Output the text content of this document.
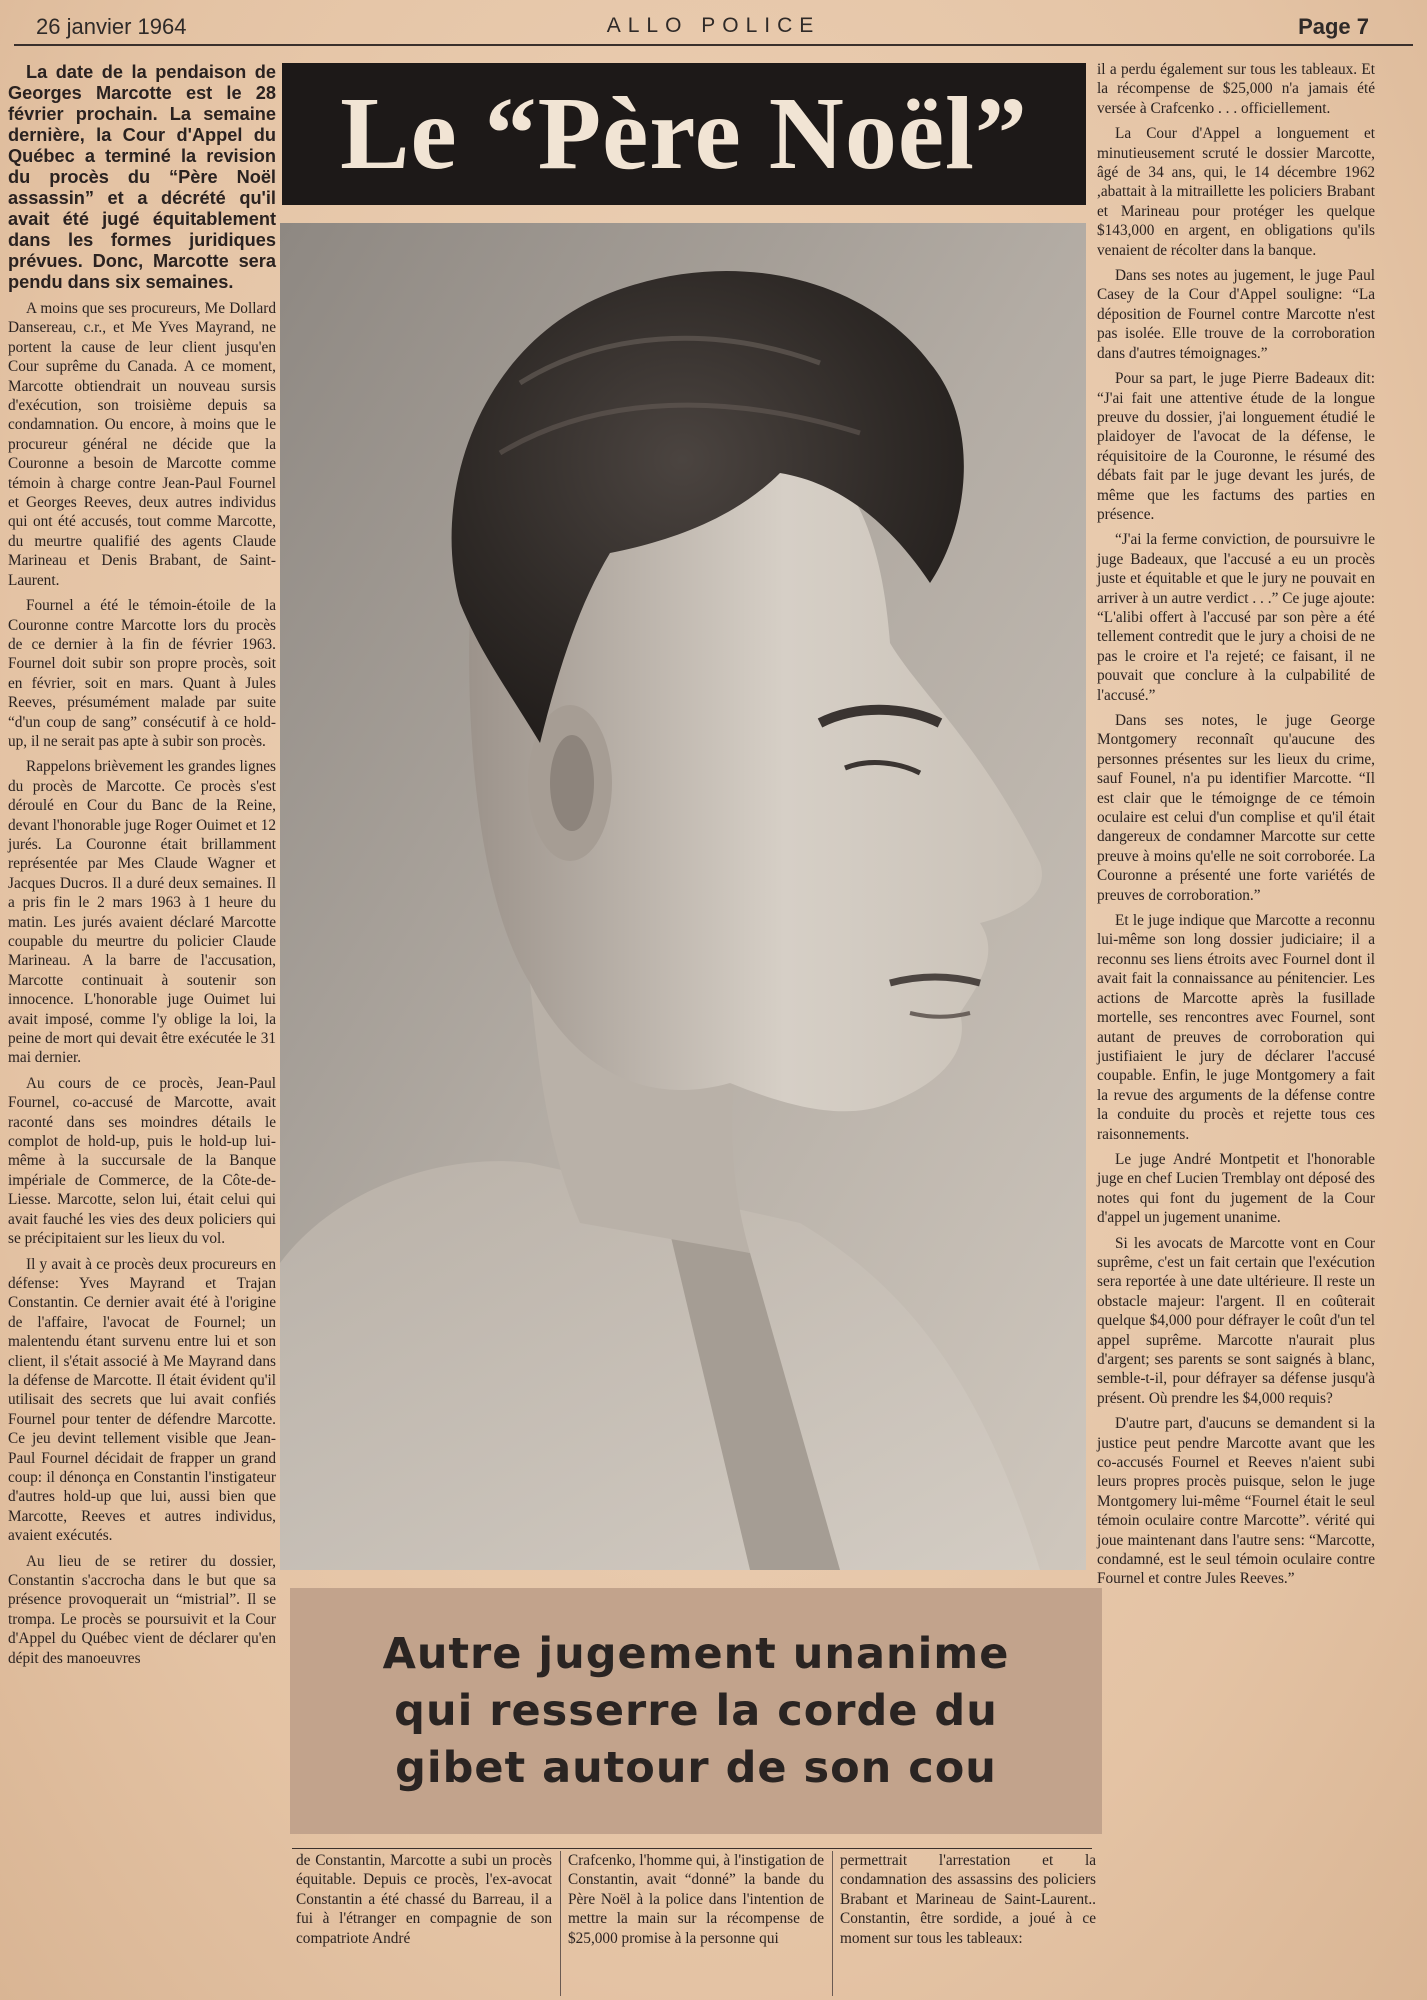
ALLO POLICE
26 janvier 1964	Page 7

La date de la pendaison de Georges Marcotte est le 28 février prochain. La semaine dernière, la Cour d'Appel du Québec a terminé la revision du procès du “Père Noël assassin” et a décrété qu'il avait été jugé équitablement dans les formes juridiques prévues. Donc, Marcotte sera pendu dans six semaines.

A moins que ses procureurs, Me Dollard Dansereau, c.r., et Me Yves Mayrand, ne portent la cause de leur client jusqu'en Cour suprême du Canada. A ce moment, Marcotte obtiendrait un nouveau sursis d'exécution, son troisième depuis sa condamnation. Ou encore, à moins que le procureur général ne décide que la Couronne a besoin de Marcotte comme témoin à charge contre Jean-Paul Fournel et Georges Reeves, deux autres individus qui ont été accusés, tout comme Marcotte, du meurtre qualifié des agents Claude Marineau et Denis Brabant, de Saint-Laurent.

Fournel a été le témoin-étoile de la Couronne contre Marcotte lors du procès de ce dernier à la fin de février 1963. Fournel doit subir son propre procès, soit en février, soit en mars. Quant à Jules Reeves, présumément malade par suite “d'un coup de sang” consécutif à ce hold-up, il ne serait pas apte à subir son procès.

Rappelons brièvement les grandes lignes du procès de Marcotte. Ce procès s'est déroulé en Cour du Banc de la Reine, devant l'honorable juge Roger Ouimet et 12 jurés. La Couronne était brillamment représentée par Mes Claude Wagner et Jacques Ducros. Il a duré deux semaines. Il a pris fin le 2 mars 1963 à 1 heure du matin. Les jurés avaient déclaré Marcotte coupable du meurtre du policier Claude Marineau. A la barre de l'accusation, Marcotte continuait à soutenir son innocence. L'honorable juge Ouimet lui avait imposé, comme l'y oblige la loi, la peine de mort qui devait être exécutée le 31 mai dernier.

Au cours de ce procès, Jean-Paul Fournel, co-accusé de Marcotte, avait raconté dans ses moindres détails le complot de hold-up, puis le hold-up lui-même à la succursale de la Banque impériale de Commerce, de la Côte-de-Liesse. Marcotte, selon lui, était celui qui avait fauché les vies des deux policiers qui se précipitaient sur les lieux du vol.

Il y avait à ce procès deux procureurs en défense: Yves Mayrand et Trajan Constantin. Ce dernier avait été à l'origine de l'affaire, l'avocat de Fournel; un malentendu étant survenu entre lui et son client, il s'était associé à Me Mayrand dans la défense de Marcotte. Il était évident qu'il utilisait des secrets que lui avait confiés Fournel pour tenter de défendre Marcotte. Ce jeu devint tellement visible que Jean-Paul Fournel décidait de frapper un grand coup: il dénonça en Constantin l'instigateur d'autres hold-up que lui, aussi bien que Marcotte, Reeves et autres individus, avaient exécutés.

Au lieu de se retirer du dossier, Constantin s'accrocha dans le but que sa présence provoquerait un “mistrial”. Il se trompa. Le procès se poursuivit et la Cour d'Appel du Québec vient de déclarer qu'en dépit des manoeuvres

Le “Père Noël”
Autre jugement unanime
qui resserre la corde du
gibet autour de son cou

de Constantin, Marcotte a subi un procès équitable. Depuis ce procès, l'ex-avocat Constantin a été chassé du Barreau, il a fui à l'étranger en compagnie de son compatriote André

Crafcenko, l'homme qui, à l'instigation de Constantin, avait “donné” la bande du Père Noël à la police dans l'intention de mettre la main sur la récompense de $25,000 promise à la personne qui

permettrait l'arrestation et la condamnation des assassins des policiers Brabant et Marineau de Saint-Laurent.. Constantin, être sordide, a joué à ce moment sur tous les tableaux:

il a perdu également sur tous les tableaux. Et la récompense de $25,000 n'a jamais été versée à Crafcenko . . . officiellement.

La Cour d'Appel a longuement et minutieusement scruté le dossier Marcotte, âgé de 34 ans, qui, le 14 décembre 1962 ,abattait à la mitraillette les policiers Brabant et Marineau pour protéger les quelque $143,000 en argent, en obligations qu'ils venaient de récolter dans la banque.

Dans ses notes au jugement, le juge Paul Casey de la Cour d'Appel souligne: “La déposition de Fournel contre Marcotte n'est pas isolée. Elle trouve de la corroboration dans d'autres témoignages.”

Pour sa part, le juge Pierre Badeaux dit: “J'ai fait une attentive étude de la longue preuve du dossier, j'ai longuement étudié le plaidoyer de l'avocat de la défense, le réquisitoire de la Couronne, le résumé des débats fait par le juge devant les jurés, de même que les factums des parties en présence.

“J'ai la ferme conviction, de poursuivre le juge Badeaux, que l'accusé a eu un procès juste et équitable et que le jury ne pouvait en arriver à un autre verdict . . .” Ce juge ajoute: “L'alibi offert à l'accusé par son père a été tellement contredit que le jury a choisi de ne pas le croire et l'a rejeté; ce faisant, il ne pouvait que conclure à la culpabilité de l'accusé.”

Dans ses notes, le juge George Montgomery reconnaît qu'aucune des personnes présentes sur les lieux du crime, sauf Founel, n'a pu identifier Marcotte. “Il est clair que le témoignge de ce témoin oculaire est celui d'un complise et qu'il était dangereux de condamner Marcotte sur cette preuve à moins qu'elle ne soit corroborée. La Couronne a présenté une forte variétés de preuves de corroboration.”

Et le juge indique que Marcotte a reconnu lui-même son long dossier judiciaire; il a reconnu ses liens étroits avec Fournel dont il avait fait la connaissance au pénitencier. Les actions de Marcotte après la fusillade mortelle, ses rencontres avec Fournel, sont autant de preuves de corroboration qui justifiaient le jury de déclarer l'accusé coupable. Enfin, le juge Montgomery a fait la revue des arguments de la défense contre la conduite du procès et rejette tous ces raisonnements.

Le juge André Montpetit et l'honorable juge en chef Lucien Tremblay ont déposé des notes qui font du jugement de la Cour d'appel un jugement unanime.

Si les avocats de Marcotte vont en Cour suprême, c'est un fait certain que l'exécution sera reportée à une date ultérieure. Il reste un obstacle majeur: l'argent. Il en coûterait quelque $4,000 pour défrayer le coût d'un tel appel suprême. Marcotte n'aurait plus d'argent; ses parents se sont saignés à blanc, semble-t-il, pour défrayer sa défense jusqu'à présent. Où prendre les $4,000 requis?

D'autre part, d'aucuns se demandent si la justice peut pendre Marcotte avant que les co-accusés Fournel et Reeves n'aient subi leurs propres procès puisque, selon le juge Montgomery lui-même “Fournel était le seul témoin oculaire contre Marcotte”. vérité qui joue maintenant dans l'autre sens: “Marcotte, condamné, est le seul témoin oculaire contre Fournel et contre Jules Reeves.”
